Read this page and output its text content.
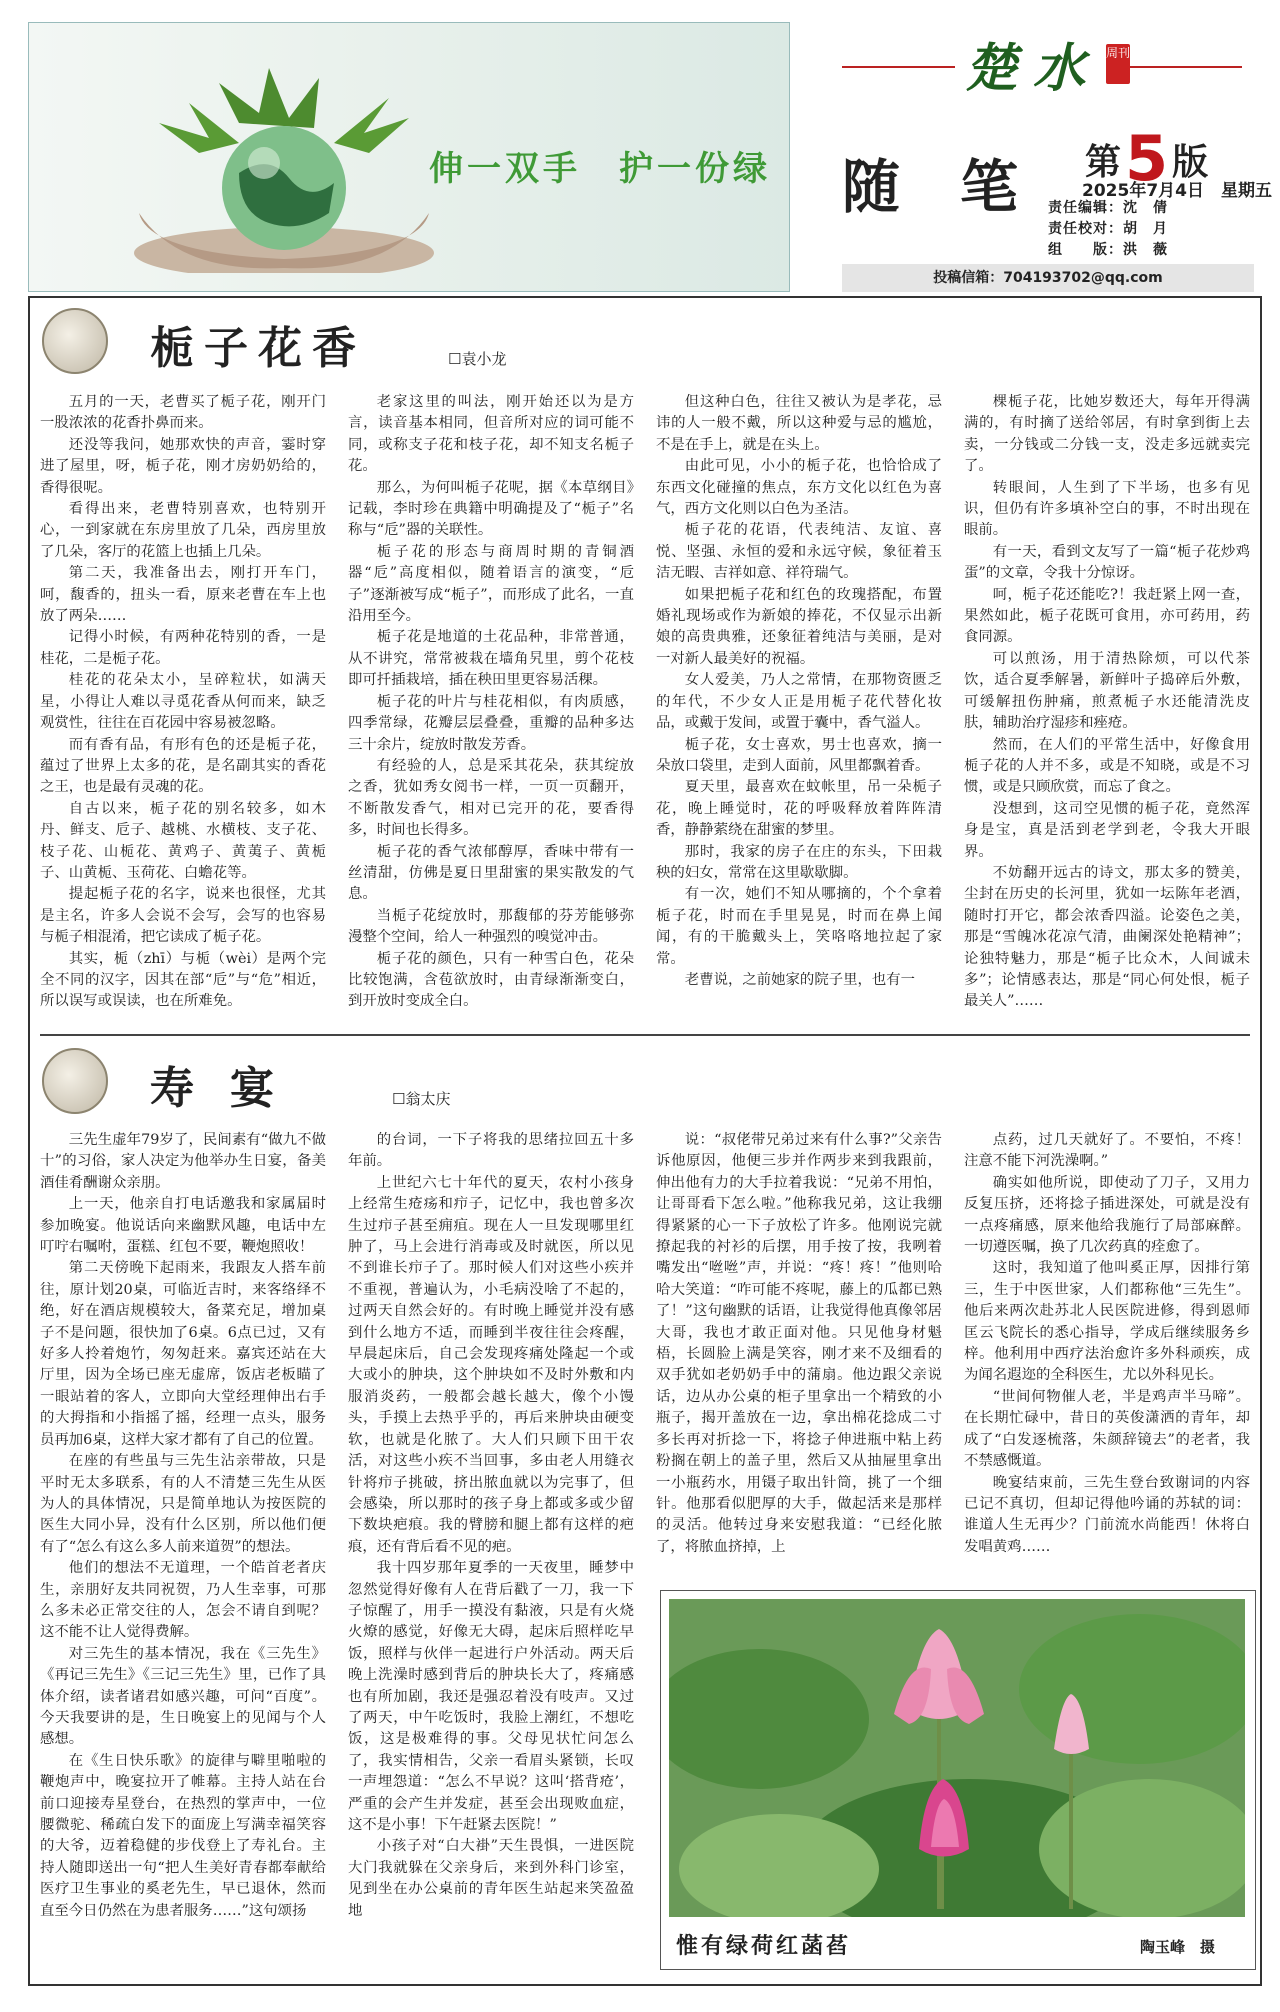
伸一双手　护一份绿
楚水 周刊
随笔 第5 版
2025年7月4日　星期五
责任编辑：沈　倩
责任校对：胡　月
组　　版：洪　薇
投稿信箱：704193702@qq.com
栀子花香	☐袁小龙

五月的一天，老曹买了栀子花，刚开门一股浓浓的花香扑鼻而来。

还没等我问，她那欢快的声音，霎时穿进了屋里，呀，栀子花，刚才房奶奶给的，香得很呢。

看得出来，老曹特别喜欢，也特别开心，一到家就在东房里放了几朵，西房里放了几朵，客厅的花篮上也插上几朵。

第二天，我准备出去，刚打开车门，呵，馥香的，扭头一看，原来老曹在车上也放了两朵……

记得小时候，有两种花特别的香，一是桂花，二是栀子花。

桂花的花朵太小，呈碎粒状，如满天星，小得让人难以寻觅花香从何而来，缺乏观赏性，往往在百花园中容易被忽略。

而有香有品，有形有色的还是栀子花，蕴过了世界上太多的花，是名副其实的香花之王，也是最有灵魂的花。

自古以来，栀子花的别名较多，如木丹、鲜支、卮子、越桃、水横枝、支子花、枝子花、山栀花、黄鸡子、黄荑子、黄栀子、山黄栀、玉荷花、白蟾花等。

提起栀子花的名字，说来也很怪，尤其是主名，许多人会说不会写，会写的也容易与栀子相混淆，把它读成了栀子花。

其实，栀（zhī）与栀（wèi）是两个完全不同的汉字，因其在部“卮”与“危”相近，所以误写或误读，也在所难免。

老家这里的叫法，刚开始还以为是方言，读音基本相同，但音所对应的词可能不同，或称支子花和枝子花，却不知支名栀子花。

那么，为何叫栀子花呢，据《本草纲目》记载，李时珍在典籍中明确提及了“栀子”名称与“卮”器的关联性。

栀子花的形态与商周时期的青铜酒器“卮”高度相似，随着语言的演变，“卮子”逐渐被写成“栀子”，而形成了此名，一直沿用至今。

栀子花是地道的土花品种，非常普通，从不讲究，常常被栽在墙角旯里，剪个花枝即可扦插栽培，插在秧田里更容易活稞。

栀子花的叶片与桂花相似，有肉质感，四季常绿，花瓣层层叠叠，重瓣的品种多达三十余片，绽放时散发芳香。

有经验的人，总是采其花朵，获其绽放之香，犹如秀女阅书一样，一页一页翻开，不断散发香气，相对已完开的花，要香得多，时间也长得多。

栀子花的香气浓郁醇厚，香味中带有一丝清甜，仿佛是夏日里甜蜜的果实散发的气息。

当栀子花绽放时，那馥郁的芬芳能够弥漫整个空间，给人一种强烈的嗅觉冲击。

栀子花的颜色，只有一种雪白色，花朵比较饱满，含苞欲放时，由青绿渐渐变白，到开放时变成全白。

但这种白色，往往又被认为是孝花，忌讳的人一般不戴，所以这种爱与忌的尴尬，不是在手上，就是在头上。

由此可见，小小的栀子花，也恰恰成了东西文化碰撞的焦点，东方文化以红色为喜气，西方文化则以白色为圣洁。

栀子花的花语，代表纯洁、友谊、喜悦、坚强、永恒的爱和永远守候，象征着玉洁无暇、吉祥如意、祥符瑞气。

如果把栀子花和红色的玫瑰搭配，布置婚礼现场或作为新娘的捧花，不仅显示出新娘的高贵典雅，还象征着纯洁与美丽，是对一对新人最美好的祝福。

女人爱美，乃人之常情，在那物资匮乏的年代，不少女人正是用栀子花代替化妆品，或戴于发间，或置于囊中，香气溢人。

栀子花，女士喜欢，男士也喜欢，摘一朵放口袋里，走到人面前，风里都飘着香。

夏天里，最喜欢在蚊帐里，吊一朵栀子花，晚上睡觉时，花的呼吸释放着阵阵清香，静静萦绕在甜蜜的梦里。

那时，我家的房子在庄的东头，下田栽秧的妇女，常常在这里歇歇脚。

有一次，她们不知从哪摘的，个个拿着栀子花，时而在手里晃晃，时而在鼻上闻闻，有的干脆戴头上，笑咯咯地拉起了家常。

老曹说，之前她家的院子里，也有一

棵栀子花，比她岁数还大，每年开得满满的，有时摘了送给邻居，有时拿到街上去卖，一分钱或二分钱一支，没走多远就卖完了。

转眼间，人生到了下半场，也多有见识，但仍有许多填补空白的事，不时出现在眼前。

有一天，看到文友写了一篇“栀子花炒鸡蛋”的文章，令我十分惊讶。

呵，栀子花还能吃?！我赶紧上网一查，果然如此，栀子花既可食用，亦可药用，药食同源。

可以煎汤，用于清热除烦，可以代茶饮，适合夏季解暑，新鲜叶子捣碎后外敷，可缓解扭伤肿痛，煎煮栀子水还能清洗皮肤，辅助治疗湿疹和痤疮。

然而，在人们的平常生活中，好像食用栀子花的人并不多，或是不知晓，或是不习惯，或是只顾欣赏，而忘了食之。

没想到，这司空见惯的栀子花，竟然浑身是宝，真是活到老学到老，令我大开眼界。

不妨翻开远古的诗文，那太多的赞美，尘封在历史的长河里，犹如一坛陈年老酒，随时打开它，都会浓香四溢。论姿色之美，那是“雪魄冰花凉气清，曲阑深处艳精神”；论独特魅力，那是“栀子比众木，人间诚未多”；论情感表达，那是“同心何处恨，栀子最关人”……

寿宴	☐翁太庆

三先生虚年79岁了，民间素有“做九不做十”的习俗，家人决定为他举办生日宴，备美酒佳肴酬谢众亲朋。

上一天，他亲自打电话邀我和家属届时参加晚宴。他说话向来幽默风趣，电话中左叮咛右嘱咐，蛋糕、红包不要，鞭炮照收！

第二天傍晚下起雨来，我跟友人搭车前往，原计划20桌，可临近吉时，来客络绎不绝，好在酒店规模较大，备菜充足，增加桌子不是问题，很快加了6桌。6点已过，又有好多人拎着炮竹，匆匆赶来。嘉宾还站在大厅里，因为全场已座无虚席，饭店老板瞄了一眼站着的客人，立即向大堂经理伸出右手的大拇指和小指摇了摇，经理一点头，服务员再加6桌，这样大家才都有了自己的位置。

在座的有些虽与三先生沾亲带故，只是平时无太多联系，有的人不清楚三先生从医为人的具体情况，只是简单地认为按医院的医生大同小异，没有什么区别，所以他们便有了“怎么有这么多人前来道贺”的想法。

他们的想法不无道理，一个皓首老者庆生，亲朋好友共同祝贺，乃人生幸事，可那么多未必正常交往的人，怎会不请自到呢？这不能不让人觉得费解。

对三先生的基本情况，我在《三先生》《再记三先生》《三记三先生》里，已作了具体介绍，读者诸君如感兴趣，可问“百度”。今天我要讲的是，生日晚宴上的见闻与个人感想。

在《生日快乐歌》的旋律与噼里啪啦的鞭炮声中，晚宴拉开了帷幕。主持人站在台前口迎接寿星登台，在热烈的掌声中，一位腰微驼、稀疏白发下的面庞上写满幸福笑容的大爷，迈着稳健的步伐登上了寿礼台。主持人随即送出一句“把人生美好青春都奉献给医疗卫生事业的奚老先生，早已退休，然而直至今日仍然在为患者服务……”这句颂扬

的台词，一下子将我的思绪拉回五十多年前。

上世纪六七十年代的夏天，农村小孩身上经常生疮疡和疖子，记忆中，我也曾多次生过疖子甚至痈疽。现在人一旦发现哪里红肿了，马上会进行消毒或及时就医，所以见不到谁长疖子了。那时候人们对这些小疾并不重视，普遍认为，小毛病没啥了不起的，过两天自然会好的。有时晚上睡觉并没有感到什么地方不适，而睡到半夜往往会疼醒，早晨起床后，自己会发现疼痛处隆起一个或大或小的肿块，这个肿块如不及时外敷和内服消炎药，一般都会越长越大，像个小馒头，手摸上去热乎乎的，再后来肿块由硬变软，也就是化脓了。大人们只顾下田干农活，对这些小疾不当回事，多由老人用缝衣针将疖子挑破，挤出脓血就以为完事了，但会感染，所以那时的孩子身上都或多或少留下数块疤痕。我的臂膀和腿上都有这样的疤痕，还有背后看不见的疤。

我十四岁那年夏季的一天夜里，睡梦中忽然觉得好像有人在背后戳了一刀，我一下子惊醒了，用手一摸没有黏液，只是有火烧火燎的感觉，好像无大碍，起床后照样吃早饭，照样与伙伴一起进行户外活动。两天后晚上洗澡时感到背后的肿块长大了，疼痛感也有所加剧，我还是强忍着没有吱声。又过了两天，中午吃饭时，我脸上潮红，不想吃饭，这是极难得的事。父母见状忙问怎么了，我实情相告，父亲一看眉头紧锁，长叹一声埋怨道：“怎么不早说？这叫‘搭背疮’，严重的会产生并发症，甚至会出现败血症，这不是小事！下午赶紧去医院！”

小孩子对“白大褂”天生畏惧，一进医院大门我就躲在父亲身后，来到外科门诊室，见到坐在办公桌前的青年医生站起来笑盈盈地

说：“叔佬带兄弟过来有什么事?”父亲告诉他原因，他便三步并作两步来到我跟前，伸出他有力的大手拉着我说：“兄弟不用怕，让哥哥看下怎么啦。”他称我兄弟，这让我绷得紧紧的心一下子放松了许多。他刚说完就撩起我的衬衫的后摆，用手按了按，我咧着嘴发出“咝咝”声，并说：“疼！疼！”他则哈哈大笑道：“咋可能不疼呢，藤上的瓜都已熟了！”这句幽默的话语，让我觉得他真像邻居大哥，我也才敢正面对他。只见他身材魁梧，长圆脸上满是笑容，刚才来不及细看的双手犹如老奶奶手中的蒲扇。他边跟父亲说话，边从办公桌的柜子里拿出一个精致的小瓶子，揭开盖放在一边，拿出棉花捻成二寸多长再对折捻一下，将捻子伸进瓶中粘上药粉搁在朝上的盖子里，然后又从抽屉里拿出一小瓶药水，用镊子取出针筒，挑了一个细针。他那看似肥厚的大手，做起活来是那样的灵活。他转过身来安慰我道：“已经化脓了，将脓血挤掉，上

点药，过几天就好了。不要怕，不疼！注意不能下河洗澡啊。”

确实如他所说，即使动了刀子，又用力反复压挤，还将捻子插进深处，可就是没有一点疼痛感，原来他给我施行了局部麻醉。一切遵医嘱，换了几次药真的痊愈了。

这时，我知道了他叫奚正厚，因排行第三，生于中医世家，人们都称他“三先生”。他后来两次赴苏北人民医院进修，得到恩师匡云飞院长的悉心指导，学成后继续服务乡梓。他利用中西疗法治愈许多外科顽疾，成为闻名遐迩的全科医生，尤以外科见长。

“世间何物催人老，半是鸡声半马啼”。在长期忙碌中，昔日的英俊潇洒的青年，却成了“白发逐梳落，朱颜辞镜去”的老者，我不禁感慨道。

晚宴结束前，三先生登台致谢词的内容已记不真切，但却记得他吟诵的苏轼的词：谁道人生无再少？门前流水尚能西！休将白发唱黄鸡……

惟有绿荷红菡萏	陶玉峰　摄
